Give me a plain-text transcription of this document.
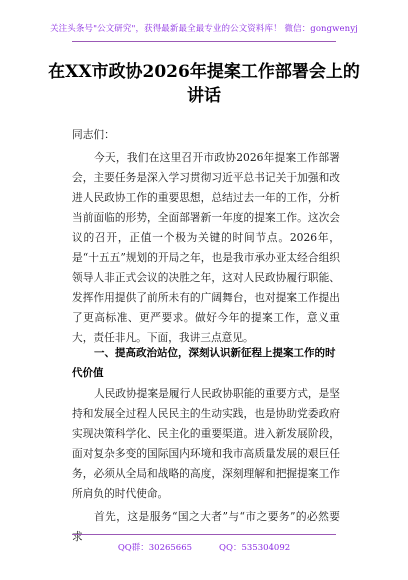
关注头条号"公文研究"，获得最新最全最专业的公文资料库！ 微信：gongwenyj
在XX市政协2026年提案工作部署会上的讲话
同志们：
今天，我们在这里召开市政协2026年提案工作部署会，主要任务是深入学习贯彻习近平总书记关于加强和改进人民政协工作的重要思想，总结过去一年的工作，分析当前面临的形势，全面部署新一年度的提案工作。这次会议的召开，正值一个极为关键的时间节点。2026年，是“十五五”规划的开局之年，也是我市承办亚太经合组织领导人非正式会议的决胜之年，这对人民政协履行职能、发挥作用提供了前所未有的广阔舞台，也对提案工作提出了更高标准、更严要求。做好今年的提案工作，意义重大，责任非凡。下面，我讲三点意见。
一、提高政治站位，深刻认识新征程上提案工作的时代价值
人民政协提案是履行人民政协职能的重要方式，是坚持和发展全过程人民民主的生动实践，也是协助党委政府实现决策科学化、民主化的重要渠道。进入新发展阶段，面对复杂多变的国际国内环境和我市高质量发展的艰巨任务，必须从全局和战略的高度，深刻理解和把握提案工作所肩负的时代使命。
首先，这是服务“国之大者”与“市之要务”的必然要求
QQ群：30265665          QQ：535304092
